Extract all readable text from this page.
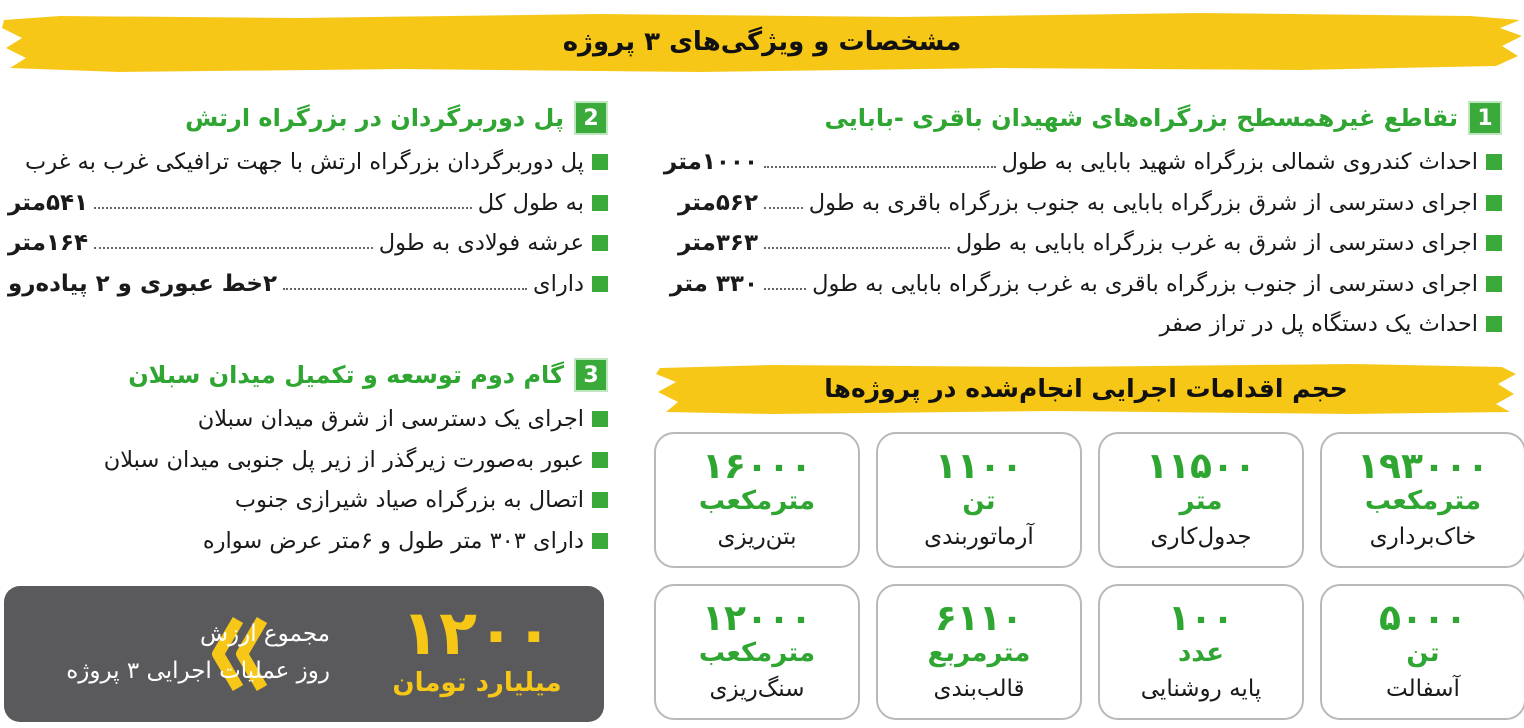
مشخصات و ویژگی‌های ۳ پروژه
1
تقاطع غیرهمسطح بزرگراه‌های شهیدان باقری -بابایی
احداث کندروی شمالی بزرگراه شهید بابایی به طول
۱۰۰۰متر
اجرای دسترسی از شرق بزرگراه بابایی به جنوب بزرگراه باقری به طول
۵۶۲متر
اجرای دسترسی از شرق به غرب بزرگراه بابایی به طول
۳۶۳متر
اجرای دسترسی از جنوب بزرگراه باقری به غرب بزرگراه بابایی به طول
۳۳۰ متر
احداث یک دستگاه پل در تراز صفر
2
پل دوربرگردان در بزرگراه ارتش
پل دوربرگردان بزرگراه ارتش با جهت ترافیکی غرب به غرب
به طول کل
۵۴۱متر
عرشه فولادی به طول
۱۶۴متر
دارای
۲خط عبوری و ۲ پیاده‌رو
3
گام دوم توسعه و تکمیل میدان سبلان
اجرای یک دسترسی از شرق میدان سبلان
عبور به‌صورت زیرگذر از زیر پل جنوبی میدان سبلان
اتصال به بزرگراه صیاد شیرازی جنوب
دارای ۳۰۳ متر طول و ۶متر عرض سواره
حجم اقدامات اجرایی انجام‌شده در پروژه‌ها
۱۹۳۰۰۰
مترمکعب
خاک‌برداری
۱۱۵۰۰
متر
جدول‌کاری
۱۱۰۰
تن
آرماتوربندی
۱۶۰۰۰
مترمکعب
بتن‌ریزی
۵۰۰۰
تن
آسفالت
۱۰۰
عدد
پایه روشنایی
۶۱۱۰
مترمربع
قالب‌بندی
۱۲۰۰۰
مترمکعب
سنگ‌ریزی
۱۲۰۰
میلیارد تومان
مجموع ارزش
روز عملیات اجرایی ۳ پروژه
